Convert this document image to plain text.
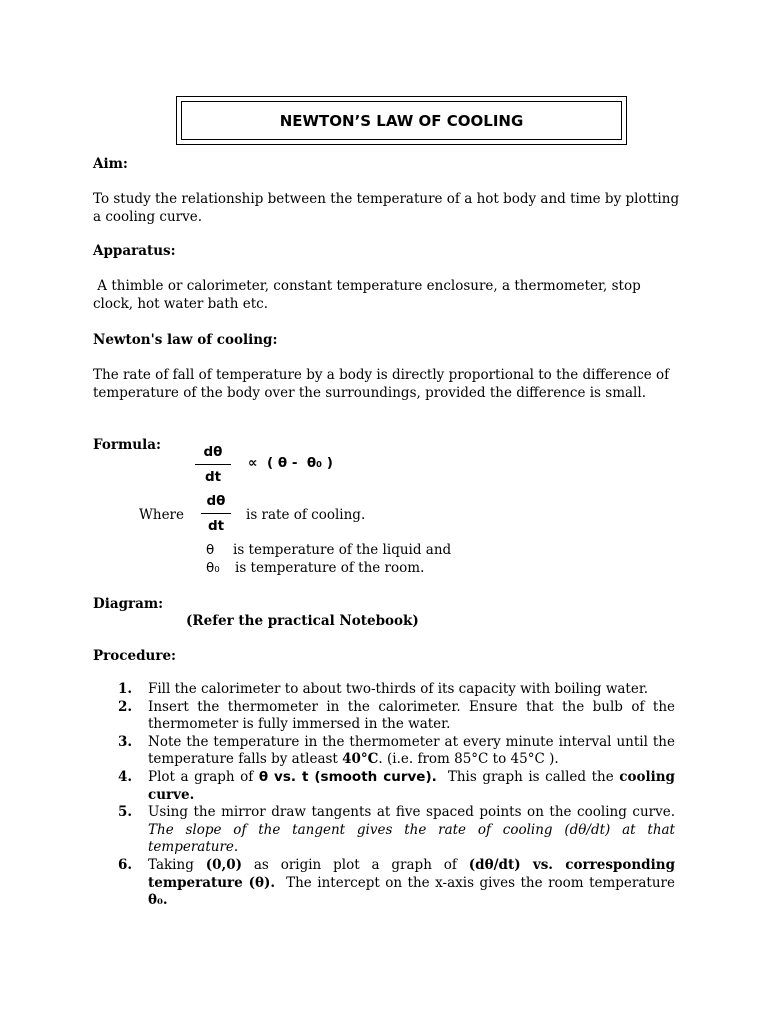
NEWTON’S LAW OF COOLING
Aim:
To study the relationship between the temperature of a hot body and time by plotting a cooling curve.
Apparatus:
A thimble or calorimeter, constant temperature enclosure, a thermometer, stop clock, hot water bath etc.
Newton's law of cooling:
The rate of fall of temperature by a body is directly proportional to the difference of temperature of the body over the surroundings, provided the difference is small.
Formula:	dθ
dt
∝  ( θ -  θ₀ )
Where
dθ
dt
is rate of cooling.
θ is temperature of the liquid and
θ₀ is temperature of the room.
Diagram:
(Refer the practical Notebook)
Procedure:
1. Fill the calorimeter to about two-thirds of its capacity with boiling water.
2. Insert the thermometer in the calorimeter. Ensure that the bulb of the thermometer is fully immersed in the water.
3. Note the temperature in the thermometer at every minute interval until the temperature falls by atleast 40°C. (i.e. from 85°C to 45°C ).
4. Plot a graph of θ vs. t (smooth curve).  This graph is called the cooling curve.
5. Using the mirror draw tangents at five spaced points on the cooling curve. The slope of the tangent gives the rate of cooling (dθ/dt) at that temperature.
6. Taking (0,0) as origin plot a graph of (dθ/dt) vs. corresponding temperature (θ).  The intercept on the x-axis gives the room temperature θ₀.
